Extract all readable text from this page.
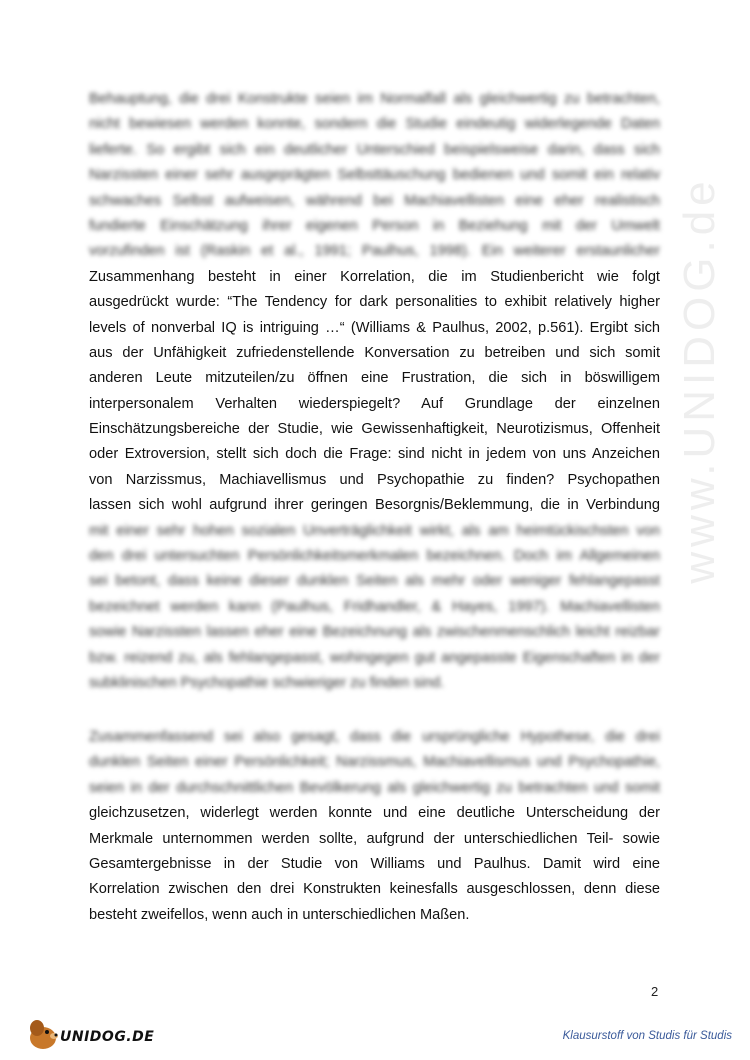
www.UNIDOG.de
Behauptung, die drei Konstrukte seien im Normalfall als gleichwertig zu betrachten,
nicht bewiesen werden konnte, sondern die Studie eindeutig widerlegende Daten
lieferte. So ergibt sich ein deutlicher Unterschied beispielsweise darin, dass sich
Narzissten einer sehr ausgeprägten Selbsttäuschung bedienen und somit ein relativ
schwaches Selbst aufweisen, während bei Machiavellisten eine eher realistisch
fundierte Einschätzung ihrer eigenen Person in Beziehung mit der Umwelt
vorzufinden ist (Raskin et al., 1991; Paulhus, 1998). Ein weiterer erstaunlicher
Zusammenhang besteht in einer Korrelation, die im Studienbericht wie folgt
ausgedrückt wurde: “The Tendency for dark personalities to exhibit relatively higher
levels of nonverbal IQ is intriguing …“ (Williams & Paulhus, 2002, p.561). Ergibt sich
aus der Unfähigkeit zufriedenstellende Konversation zu betreiben und sich somit
anderen Leute mitzuteilen/zu öffnen eine Frustration, die sich in böswilligem
interpersonalem Verhalten wiederspiegelt? Auf Grundlage der einzelnen
Einschätzungsbereiche der Studie, wie Gewissenhaftigkeit, Neurotizismus, Offenheit
oder Extroversion, stellt sich doch die Frage: sind nicht in jedem von uns Anzeichen
von Narzissmus, Machiavellismus und Psychopathie zu finden? Psychopathen
lassen sich wohl aufgrund ihrer geringen Besorgnis/Beklemmung, die in Verbindung
mit einer sehr hohen sozialen Unverträglichkeit wirkt, als am heimtückischsten von
den drei untersuchten Persönlichkeitsmerkmalen bezeichnen. Doch im Allgemeinen
sei betont, dass keine dieser dunklen Seiten als mehr oder weniger fehlangepasst
bezeichnet werden kann (Paulhus, Fridhandler, & Hayes, 1997). Machiavellisten
sowie Narzissten lassen eher eine Bezeichnung als zwischenmenschlich leicht reizbar
bzw. reizend zu, als fehlangepasst, wohingegen gut angepasste Eigenschaften in der
subklinischen Psychopathie schwieriger zu finden sind.
Zusammenfassend sei also gesagt, dass die ursprüngliche Hypothese, die drei
dunklen Seiten einer Persönlichkeit; Narzissmus, Machiavellismus und Psychopathie,
seien in der durchschnittlichen Bevölkerung als gleichwertig zu betrachten und somit
gleichzusetzen, widerlegt werden konnte und eine deutliche Unterscheidung der
Merkmale unternommen werden sollte, aufgrund der unterschiedlichen Teil- sowie
Gesamtergebnisse in der Studie von Williams und Paulhus. Damit wird eine
Korrelation zwischen den drei Konstrukten keinesfalls ausgeschlossen, denn diese
besteht zweifellos, wenn auch in unterschiedlichen Maßen.
2
UNIDOG.DE	Klausurstoff von Studis für Studis
